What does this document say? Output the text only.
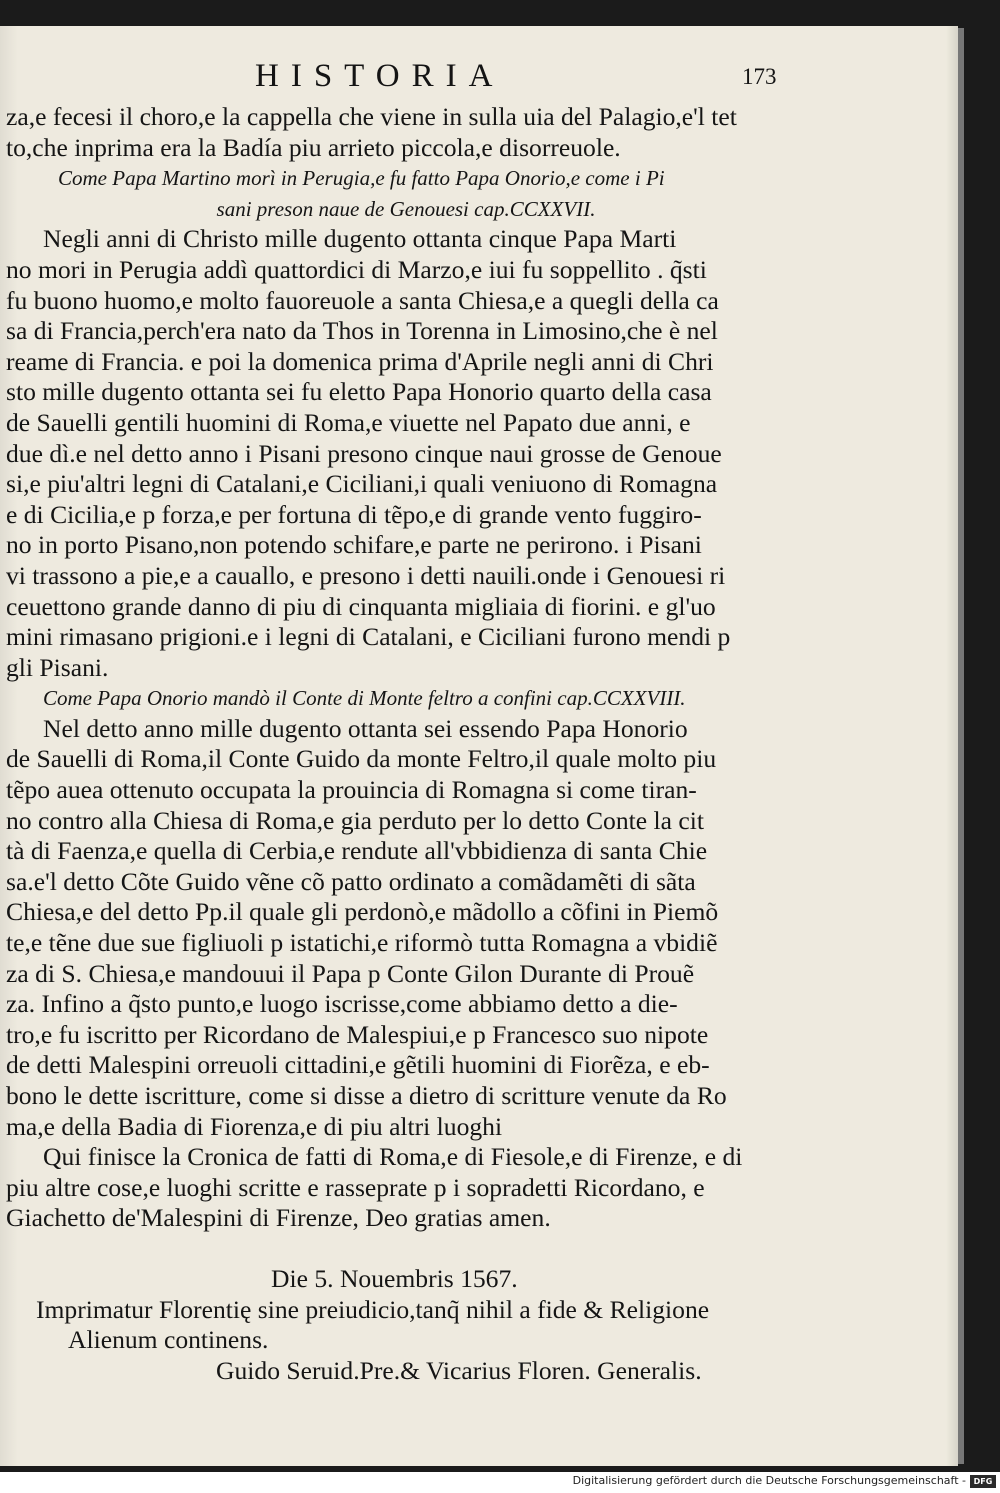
HISTORIA	173
za,e fecesi il choro,e la cappella che viene in sulla uia del Palagio,e'l tet
to,che inprima era la Badía piu arrieto piccola,e disorreuole.
Come Papa Martino morì in Perugia,e fu fatto Papa Onorio,e come i Pi
sani preson naue de Genouesi cap.CCXXVII.
Negli anni di Christo mille dugento ottanta cinque Papa Marti
no mori in Perugia addì quattordici di Marzo,e iui fu soppellito . q̃sti
fu buono huomo,e molto fauoreuole a santa Chiesa,e a quegli della ca
sa di Francia,perch'era nato da Thos in Torenna in Limosino,che è nel
reame di Francia. e poi la domenica prima d'Aprile negli anni di Chri
sto mille dugento ottanta sei fu eletto Papa Honorio quarto della casa
de Sauelli gentili huomini di Roma,e viuette nel Papato due anni, e
due dì.e nel detto anno i Pisani presono cinque naui grosse de Genoue
si,e piu'altri legni di Catalani,e Ciciliani,i quali veniuono di Romagna
e di Cicilia,e p forza,e per fortuna di tẽpo,e di grande vento fuggiro-
no in porto Pisano,non potendo schifare,e parte ne perirono. i Pisani
vi trassono a pie,e a cauallo, e presono i detti nauili.onde i Genouesi ri
ceuettono grande danno di piu di cinquanta migliaia di fiorini. e gl'uo
mini rimasano prigioni.e i legni di Catalani, e Ciciliani furono mendi p
gli Pisani.
Come Papa Onorio mandò il Conte di Monte feltro a confini cap.CCXXVIII.
Nel detto anno mille dugento ottanta sei essendo Papa Honorio
de Sauelli di Roma,il Conte Guido da monte Feltro,il quale molto piu
tẽpo aueа ottenuto occupata la prouincia di Romagna si come tiran-
no contro alla Chiesa di Roma,e gia perduto per lo detto Conte la cit
tà di Faenza,e quella di Cerbia,e rendute all'vbbidienza di santa Chie
sa.e'l detto Cõte Guido vẽne cõ patto ordinato a comãdamẽti di sãta
Chiesa,e del detto Pp.il quale gli perdonò,e mãdollo a cõfini in Piemõ
te,e tẽne due sue figliuoli p istatichi,e riformò tutta Romagna a vbidiẽ
za di S. Chiesa,e mandouui il Papa p Conte Gilon Durante di Prouẽ
za. Infino a q̃sto punto,e luogo iscrisse,come abbiamo detto a die-
tro,e fu iscritto per Ricordano de Malespiui,e p Francesco suo nipote
de detti Malespini orreuoli cittadini,e gẽtili huomini di Fiorẽza, e eb-
bono le dette iscritture, come si disse a dietro di scritture venute da Ro
ma,e della Badia di Fiorenza,e di piu altri luoghi
Qui finisce la Cronica de fatti di Roma,e di Fiesole,e di Firenze, e di
piu altre cose,e luoghi scritte e rasseprate p i sopradetti Ricordano, e
Giachetto de'Malespini di Firenze, Deo gratias amen.
Die 5. Nouembris 1567.
Imprimatur Florentię sine preiudicio,tanq̃ nihil a fide & Religione
Alienum continens.
Guido Seruid.Pre.& Vicarius Floren. Generalis.
Digitalisierung gefördert durch die Deutsche Forschungsgemeinschaft - DFG
